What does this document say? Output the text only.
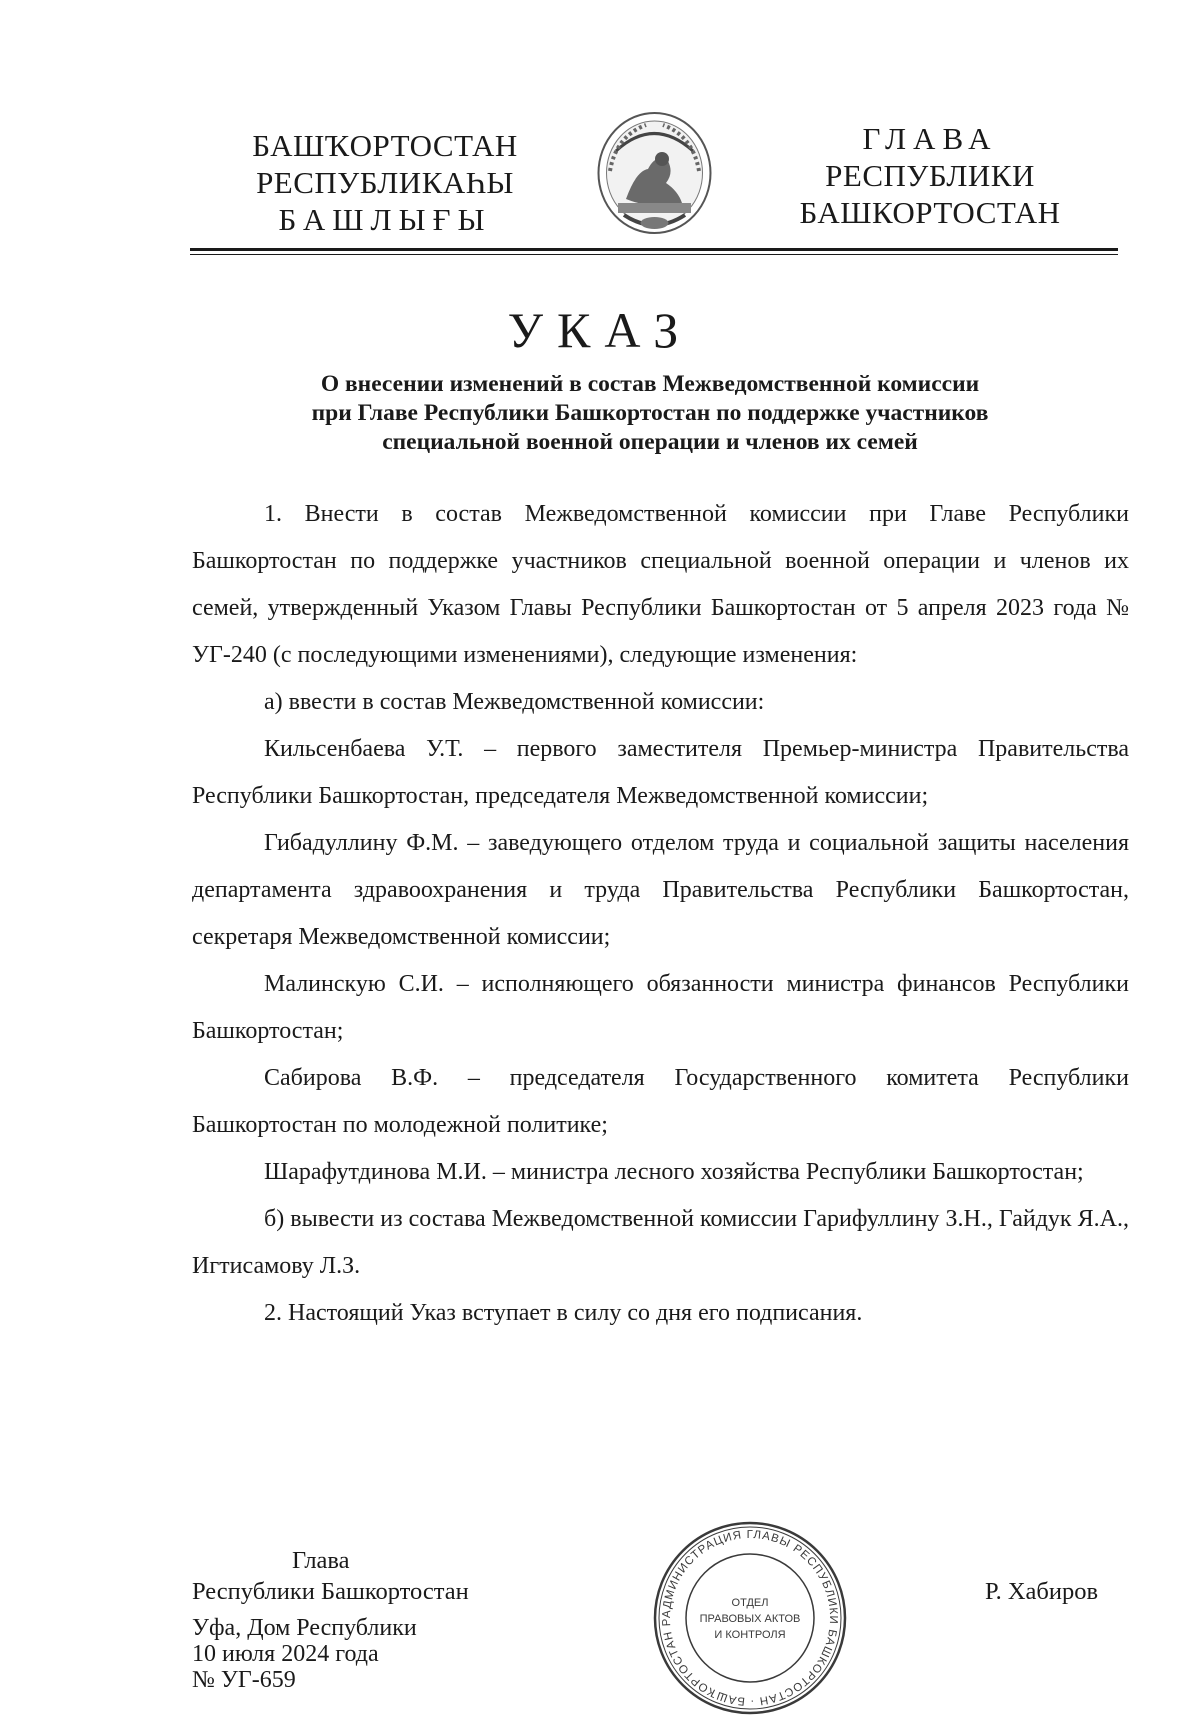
БАШҠОРТОСТАН
РЕСПУБЛИКАҺЫ
БАШЛЫҒЫ
ГЛАВА
РЕСПУБЛИКИ
БАШКОРТОСТАН
УКАЗ
О внесении изменений в состав Межведомственной комиссии
при Главе Республики Башкортостан по поддержке участников
специальной военной операции и членов их семей

1. Внести в состав Межведомственной комиссии при Главе Республики Башкортостан по поддержке участников специальной военной операции и членов их семей, утвержденный Указом Главы Республики Башкортостан от 5 апреля 2023 года № УГ-240 (с последующими изменениями), следующие изменения:

а) ввести в состав Межведомственной комиссии:

Кильсенбаева У.Т. – первого заместителя Премьер-министра Правительства Республики Башкортостан, председателя Межведомственной комиссии;

Гибадуллину Ф.М. – заведующего отделом труда и социальной защиты населения департамента здравоохранения и труда Правительства Республики Башкортостан, секретаря Межведомственной комиссии;

Малинскую С.И. – исполняющего обязанности министра финансов Республики Башкортостан;

Сабирова В.Ф. – председателя Государственного комитета Республики Башкортостан по молодежной политике;

Шарафутдинова М.И. – министра лесного хозяйства Республики Башкортостан;

б) вывести из состава Межведомственной комиссии Гарифуллину З.Н., Гайдук Я.А., Игтисамову Л.З.

2. Настоящий Указ вступает в силу со дня его подписания.

Глава
Республики Башкортостан	Р. Хабиров
АДМИНИСТРАЦИЯ ГЛАВЫ РЕСПУБЛИКИ БАШКОРТОСТАН · БАШҠОРТОСТАН Р
ОТДЕЛ
ПРАВОВЫХ АКТОВ
И КОНТРОЛЯ
Уфа, Дом Республики
10 июля 2024 года
№ УГ-659
